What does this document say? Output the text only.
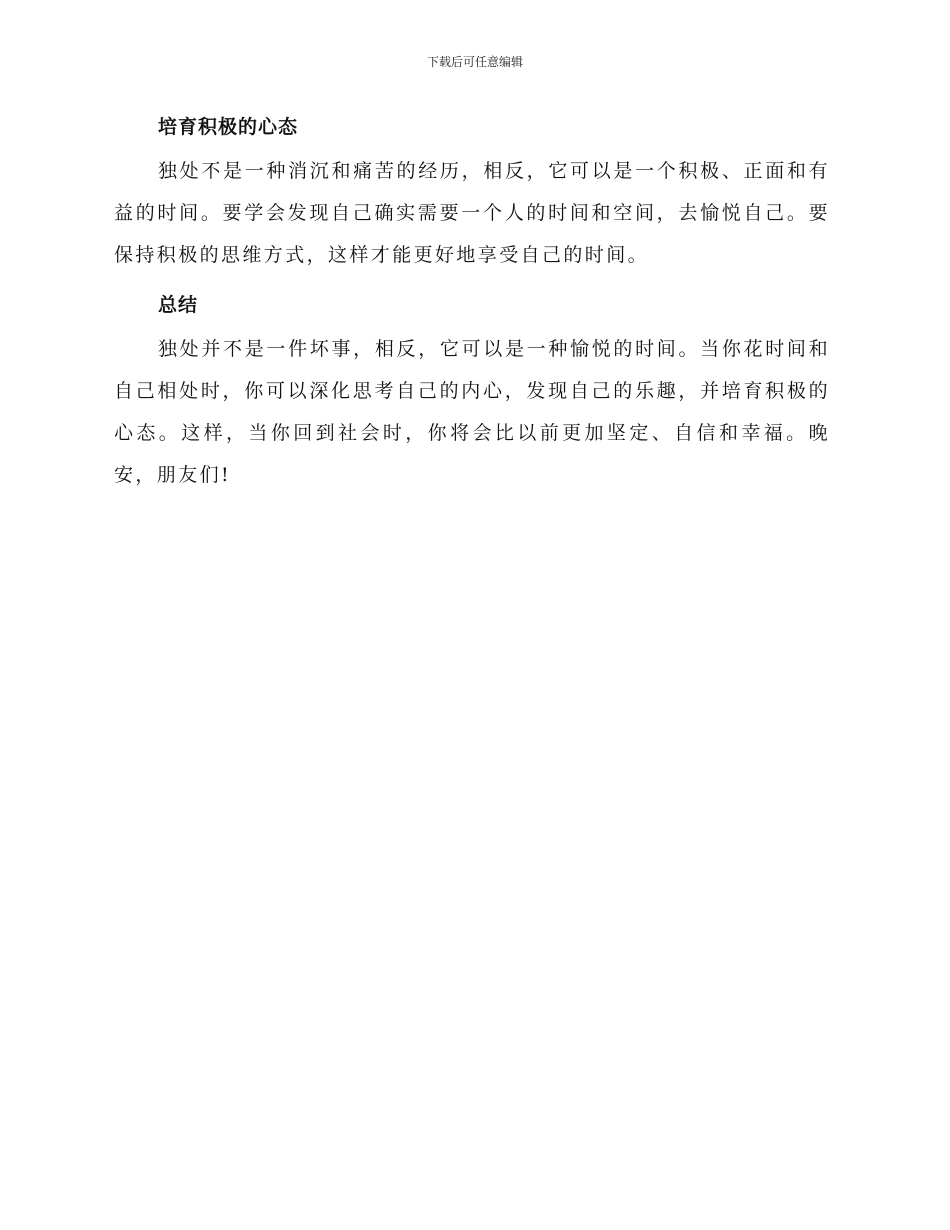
下载后可任意编辑
培育积极的心态

独处不是一种消沉和痛苦的经历，相反，它可以是一个积极、正面和有益的时间。要学会发现自己确实需要一个人的时间和空间，去愉悦自己。要保持积极的思维方式，这样才能更好地享受自己的时间。

总结

独处并不是一件坏事，相反，它可以是一种愉悦的时间。当你花时间和自己相处时，你可以深化思考自己的内心，发现自己的乐趣，并培育积极的心态。这样，当你回到社会时，你将会比以前更加坚定、自信和幸福。晚安，朋友们!
